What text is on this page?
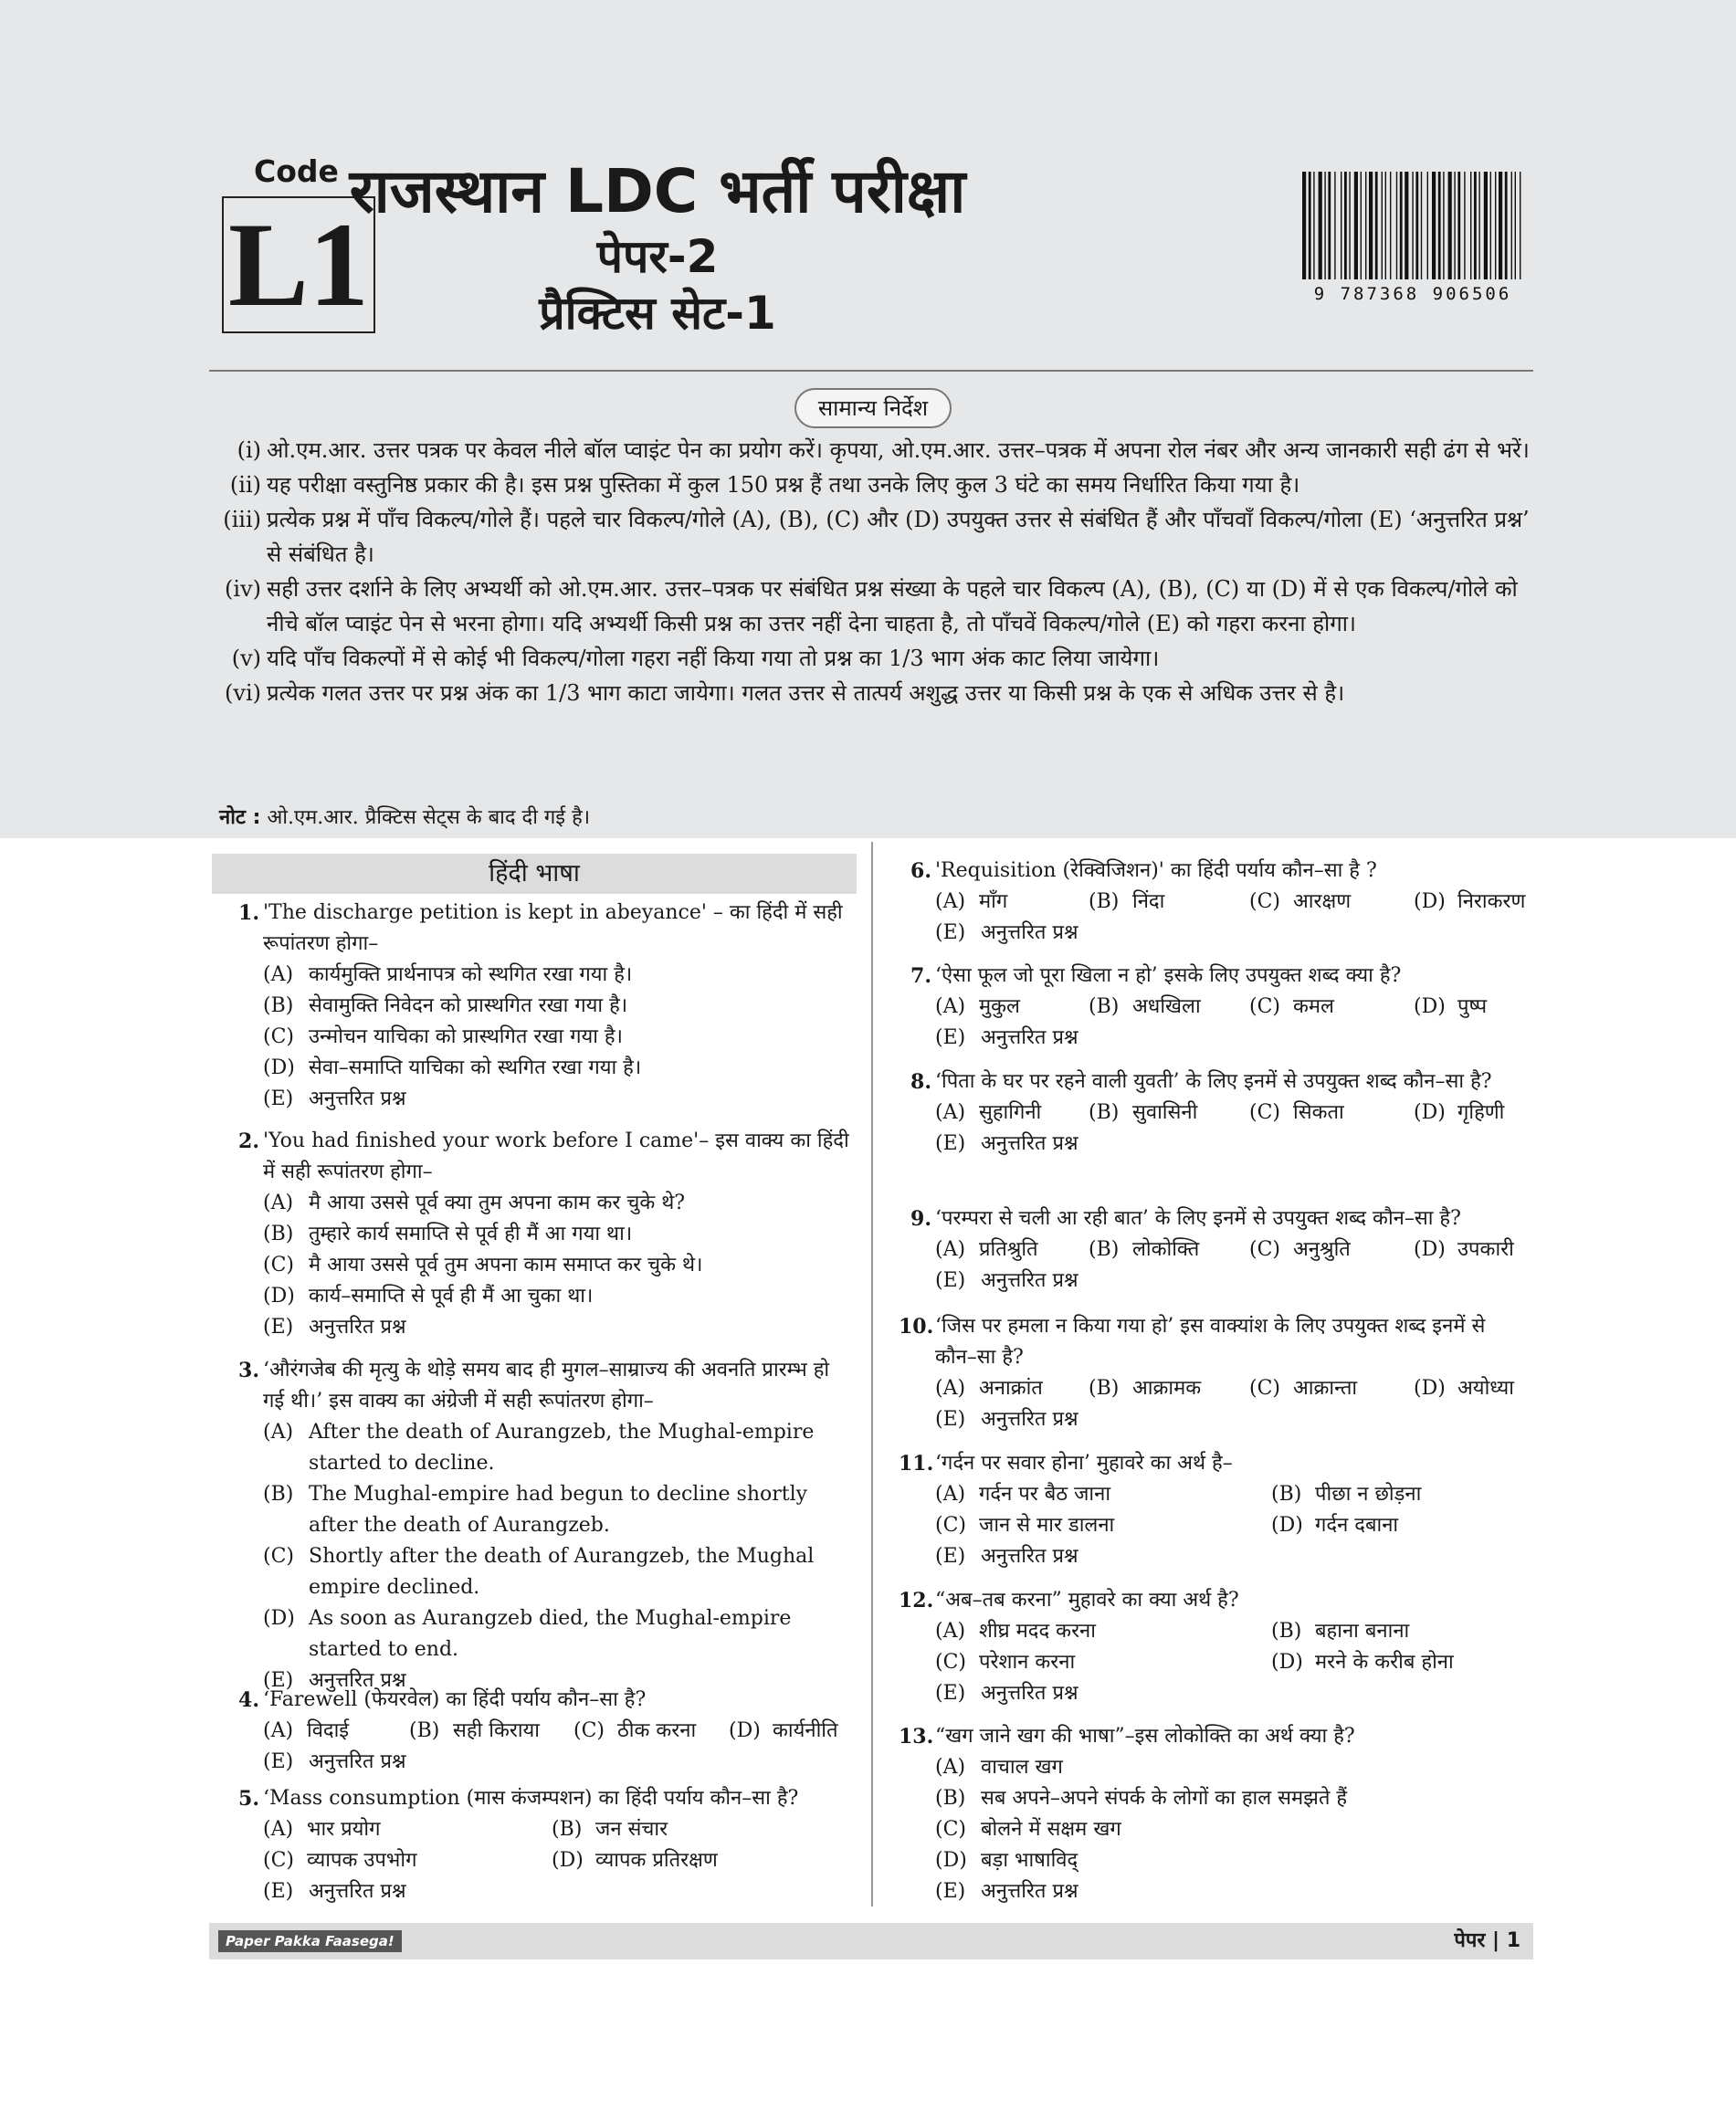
Code
L1
राजस्थान LDC भर्ती परीक्षा
पेपर-2
प्रैक्टिस सेट-1	9 787368 906506
सामान्य निर्देश
(i) ओ.एम.आर. उत्तर पत्रक पर केवल नीले बॉल प्वाइंट पेन का प्रयोग करें। कृपया, ओ.एम.आर. उत्तर–पत्रक में अपना रोल नंबर और अन्य जानकारी सही ढंग से भरें।
(ii) यह परीक्षा वस्तुनिष्ठ प्रकार की है। इस प्रश्न पुस्तिका में कुल 150 प्रश्न हैं तथा उनके लिए कुल 3 घंटे का समय निर्धारित किया गया है।
(iii) प्रत्येक प्रश्न में पाँच विकल्प/गोले हैं। पहले चार विकल्प/गोले (A), (B), (C) और (D) उपयुक्त उत्तर से संबंधित हैं और पाँचवाँ विकल्प/गोला (E) ‘अनुत्तरित प्रश्न’ से संबंधित है।
(iv) सही उत्तर दर्शाने के लिए अभ्यर्थी को ओ.एम.आर. उत्तर–पत्रक पर संबंधित प्रश्न संख्या के पहले चार विकल्प (A), (B), (C) या (D) में से एक विकल्प/गोले को नीचे बॉल प्वाइंट पेन से भरना होगा। यदि अभ्यर्थी किसी प्रश्न का उत्तर नहीं देना चाहता है, तो पाँचवें विकल्प/गोले (E) को गहरा करना होगा।
(v) यदि पाँच विकल्पों में से कोई भी विकल्प/गोला गहरा नहीं किया गया तो प्रश्न का 1/3 भाग अंक काट लिया जायेगा।
(vi) प्रत्येक गलत उत्तर पर प्रश्न अंक का 1/3 भाग काटा जायेगा। गलत उत्तर से तात्पर्य अशुद्ध उत्तर या किसी प्रश्न के एक से अधिक उत्तर से है।
नोट : ओ.एम.आर. प्रैक्टिस सेट्स के बाद दी गई है।
हिंदी भाषा
1. 'The discharge petition is kept in abeyance' – का हिंदी में सही रूपांतरण होगा–
(A) कार्यमुक्ति प्रार्थनापत्र को स्थगित रखा गया है।
(B) सेवामुक्ति निवेदन को प्रास्थगित रखा गया है।
(C) उन्मोचन याचिका को प्रास्थगित रखा गया है।
(D) सेवा–समाप्ति याचिका को स्थगित रखा गया है।
(E) अनुत्तरित प्रश्न
2. 'You had finished your work before I came'– इस वाक्य का हिंदी में सही रूपांतरण होगा–
(A) मै आया उससे पूर्व क्या तुम अपना काम कर चुके थे?
(B) तुम्हारे कार्य समाप्ति से पूर्व ही मैं आ गया था।
(C) मै आया उससे पूर्व तुम अपना काम समाप्त कर चुके थे।
(D) कार्य–समाप्ति से पूर्व ही मैं आ चुका था।
(E) अनुत्तरित प्रश्न
3. ‘औरंगजेब की मृत्यु के थोड़े समय बाद ही मुगल–साम्राज्य की अवनति प्रारम्भ हो गई थी।’ इस वाक्य का अंग्रेजी में सही रूपांतरण होगा–
(A) After the death of Aurangzeb, the Mughal-empire started to decline.
(B) The Mughal-empire had begun to decline shortly after the death of Aurangzeb.
(C) Shortly after the death of Aurangzeb, the Mughal empire declined.
(D) As soon as Aurangzeb died, the Mughal-empire started to end.
(E) अनुत्तरित प्रश्न
4. ‘Farewell (फेयरवेल) का हिंदी पर्याय कौन–सा है?
(A) विदाई	(B) सही किराया	(C) ठीक करना	(D) कार्यनीति
(E) अनुत्तरित प्रश्न
5. ‘Mass consumption (मास कंजम्पशन) का हिंदी पर्याय कौन–सा है?
(A) भार प्रयोग	(B) जन संचार
(C) व्यापक उपभोग	(D) व्यापक प्रतिरक्षण
(E) अनुत्तरित प्रश्न
6. 'Requisition (रेक्विजिशन)' का हिंदी पर्याय कौन–सा है ?
(A) माँग	(B) निंदा	(C) आरक्षण	(D) निराकरण
(E) अनुत्तरित प्रश्न
7. ‘ऐसा फूल जो पूरा खिला न हो’ इसके लिए उपयुक्त शब्द क्या है?
(A) मुकुल	(B) अधखिला	(C) कमल	(D) पुष्प
(E) अनुत्तरित प्रश्न
8. ‘पिता के घर पर रहने वाली युवती’ के लिए इनमें से उपयुक्त शब्द कौन–सा है?
(A) सुहागिनी	(B) सुवासिनी	(C) सिकता	(D) गृहिणी
(E) अनुत्तरित प्रश्न
9. ‘परम्परा से चली आ रही बात’ के लिए इनमें से उपयुक्त शब्द कौन–सा है?
(A) प्रतिश्रुति	(B) लोकोक्ति	(C) अनुश्रुति	(D) उपकारी
(E) अनुत्तरित प्रश्न
10. ‘जिस पर हमला न किया गया हो’ इस वाक्यांश के लिए उपयुक्त शब्द इनमें से कौन–सा है?
(A) अनाक्रांत	(B) आक्रामक	(C) आक्रान्ता	(D) अयोध्या
(E) अनुत्तरित प्रश्न
11. ‘गर्दन पर सवार होना’ मुहावरे का अर्थ है–
(A) गर्दन पर बैठ जाना	(B) पीछा न छोड़ना
(C) जान से मार डालना	(D) गर्दन दबाना
(E) अनुत्तरित प्रश्न
12. “अब–तब करना” मुहावरे का क्या अर्थ है?
(A) शीघ्र मदद करना	(B) बहाना बनाना
(C) परेशान करना	(D) मरने के करीब होना
(E) अनुत्तरित प्रश्न
13. “खग जाने खग की भाषा”–इस लोकोक्ति का अर्थ क्या है?
(A) वाचाल खग
(B) सब अपने–अपने संपर्क के लोगों का हाल समझते हैं
(C) बोलने में सक्षम खग
(D) बड़ा भाषाविद्
(E) अनुत्तरित प्रश्न
Paper Pakka Faasega!	पेपर | 1
